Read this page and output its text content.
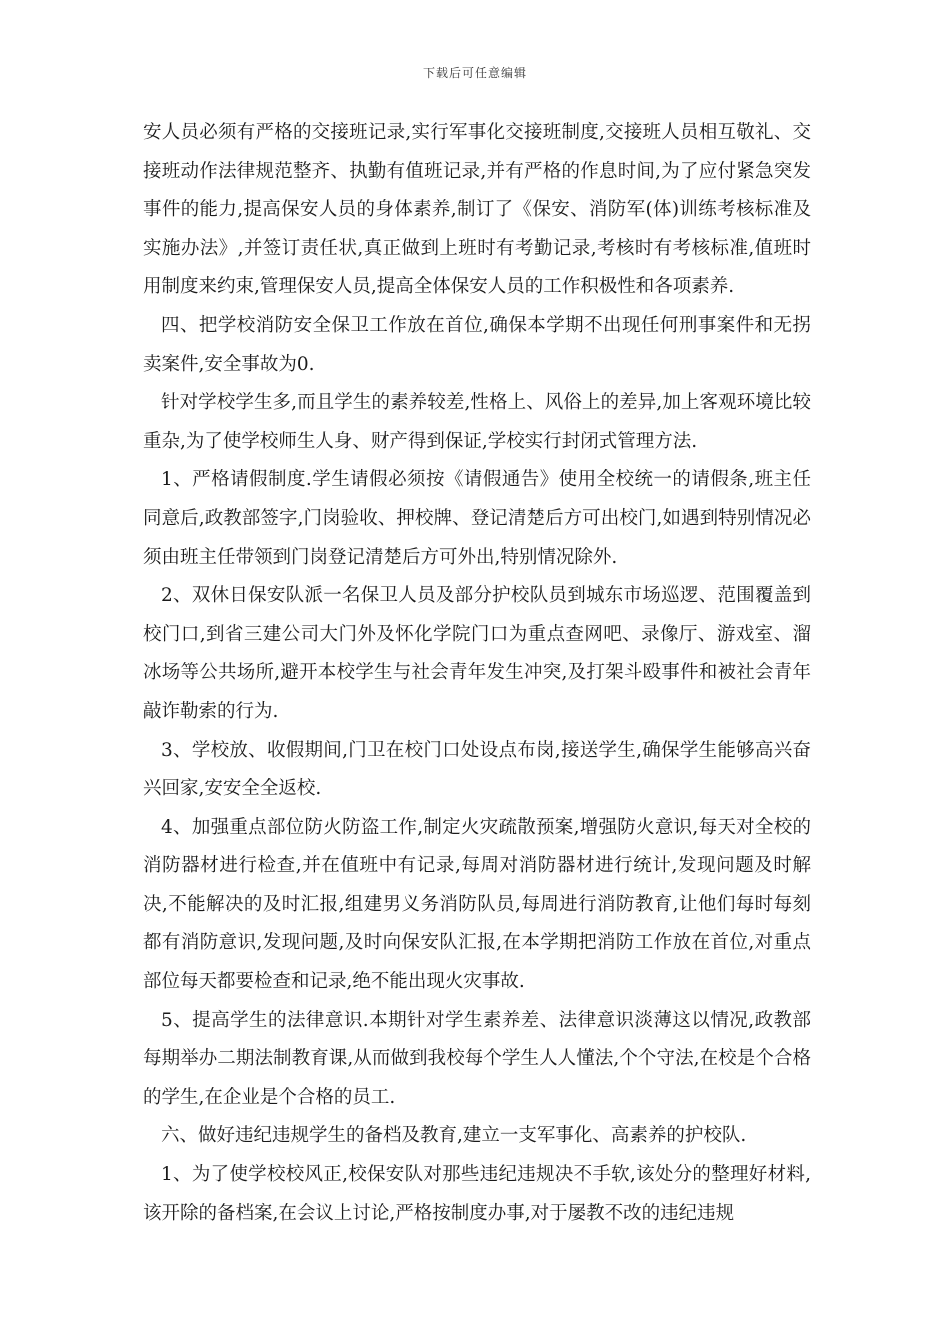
下载后可任意编辑

安人员必须有严格的交接班记录,实行军事化交接班制度,交接班人员相互敬礼、交接班动作法律规范整齐、执勤有值班记录,并有严格的作息时间,为了应付紧急突发事件的能力,提高保安人员的身体素养,制订了《保安、消防军(体)训练考核标准及实施办法》,并签订责任状,真正做到上班时有考勤记录,考核时有考核标准,值班时用制度来约束,管理保安人员,提高全体保安人员的工作积极性和各项素养.

四、把学校消防安全保卫工作放在首位,确保本学期不出现任何刑事案件和无拐卖案件,安全事故为0.

针对学校学生多,而且学生的素养较差,性格上、风俗上的差异,加上客观环境比较重杂,为了使学校师生人身、财产得到保证,学校实行封闭式管理方法.

1、严格请假制度.学生请假必须按《请假通告》使用全校统一的请假条,班主任同意后,政教部签字,门岗验收、押校牌、登记清楚后方可出校门,如遇到特别情况必须由班主任带领到门岗登记清楚后方可外出,特别情况除外.

2、双休日保安队派一名保卫人员及部分护校队员到城东市场巡逻、范围覆盖到校门口,到省三建公司大门外及怀化学院门口为重点查网吧、录像厅、游戏室、溜冰场等公共场所,避开本校学生与社会青年发生冲突,及打架斗殴事件和被社会青年敲诈勒索的行为.

3、学校放、收假期间,门卫在校门口处设点布岗,接送学生,确保学生能够高兴奋兴回家,安安全全返校.

4、加强重点部位防火防盗工作,制定火灾疏散预案,增强防火意识,每天对全校的消防器材进行检查,并在值班中有记录,每周对消防器材进行统计,发现问题及时解决,不能解决的及时汇报,组建男义务消防队员,每周进行消防教育,让他们每时每刻都有消防意识,发现问题,及时向保安队汇报,在本学期把消防工作放在首位,对重点部位每天都要检查和记录,绝不能出现火灾事故.

5、提高学生的法律意识.本期针对学生素养差、法律意识淡薄这以情况,政教部每期举办二期法制教育课,从而做到我校每个学生人人懂法,个个守法,在校是个合格的学生,在企业是个合格的员工.

六、做好违纪违规学生的备档及教育,建立一支军事化、高素养的护校队.

1、为了使学校校风正,校保安队对那些违纪违规决不手软,该处分的整理好材料,该开除的备档案,在会议上讨论,严格按制度办事,对于屡教不改的违纪违规
